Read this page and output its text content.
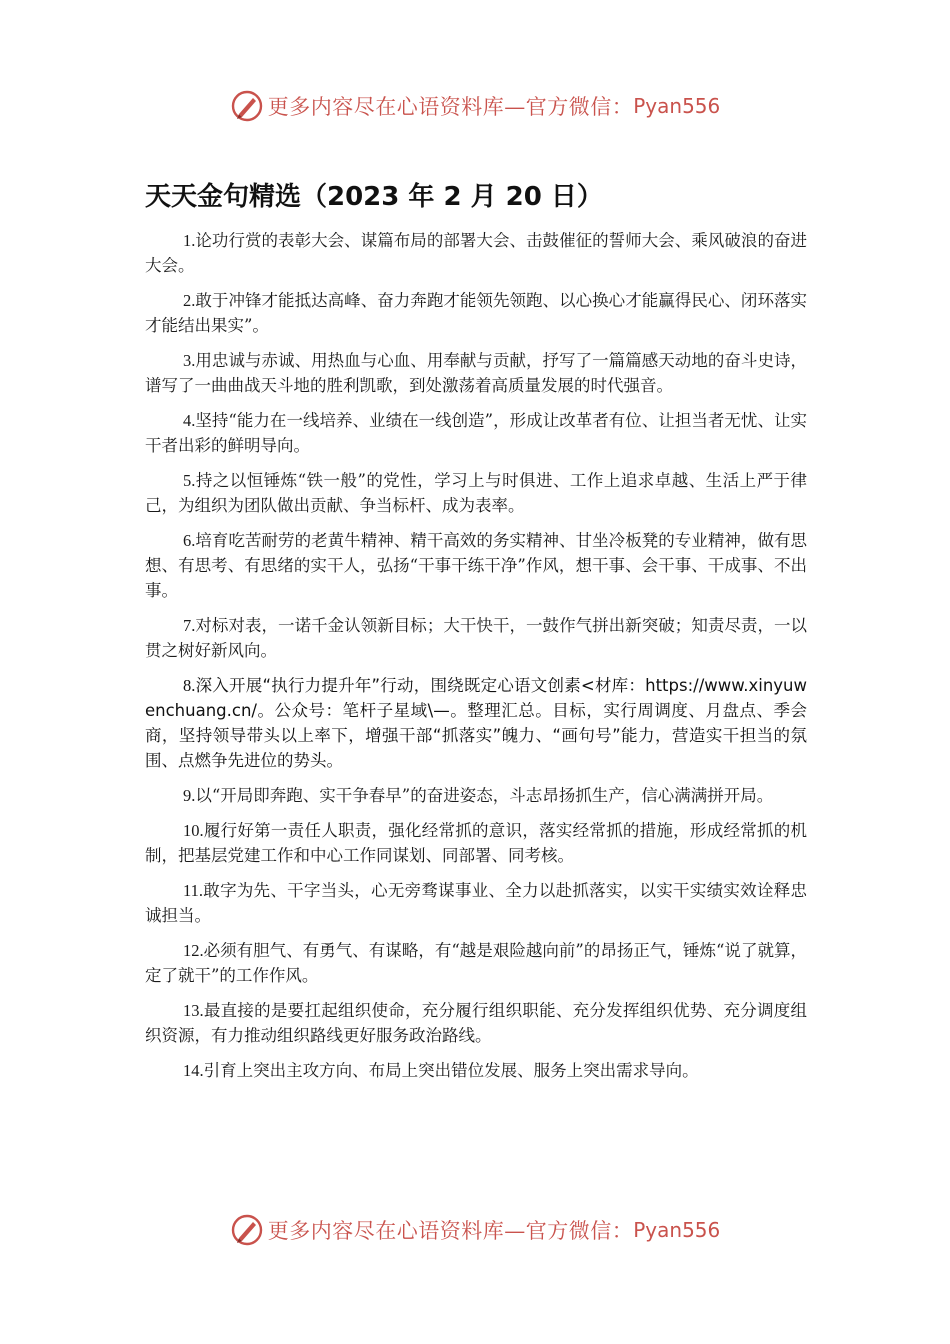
更多内容尽在心语资料库—官方微信： Pyan556
天天金句精选（2023 年 2 月 20 日）

1.论功行赏的表彰大会、谋篇布局的部署大会、击鼓催征的誓师大会、乘风破浪的奋进大会。

2.敢于冲锋才能抵达高峰、奋力奔跑才能领先领跑、以心换心才能赢得民心、闭环落实才能结出果实”。

3.用忠诚与赤诚、用热血与心血、用奉献与贡献，抒写了一篇篇感天动地的奋斗史诗，谱写了一曲曲战天斗地的胜利凯歌，到处激荡着高质量发展的时代强音。

4.坚持“能力在一线培养、业绩在一线创造”，形成让改革者有位、让担当者无忧、让实干者出彩的鲜明导向。

5.持之以恒锤炼“铁一般”的党性，学习上与时俱进、工作上追求卓越、生活上严于律己，为组织为团队做出贡献、争当标杆、成为表率。

6.培育吃苦耐劳的老黄牛精神、精干高效的务实精神、甘坐冷板凳的专业精神，做有思想、有思考、有思绪的实干人，弘扬“干事干练干净”作风，想干事、会干事、干成事、不出事。

7.对标对表，一诺千金认领新目标；大干快干，一鼓作气拼出新突破；知责尽责，一以贯之树好新风向。

8.深入开展“执行力提升年”行动，围绕既定心语文创素<材库：https://www.xinyuwenchuang.cn/。公众号：笔杆子星域\—。整理汇总。目标，实行周调度、月盘点、季会商，坚持领导带头以上率下，增强干部“抓落实”魄力、“画句号”能力，营造实干担当的氛围、点燃争先进位的势头。

9.以“开局即奔跑、实干争春早”的奋进姿态，斗志昂扬抓生产，信心满满拼开局。

10.履行好第一责任人职责，强化经常抓的意识，落实经常抓的措施，形成经常抓的机制，把基层党建工作和中心工作同谋划、同部署、同考核。

11.敢字为先、干字当头，心无旁骛谋事业、全力以赴抓落实，以实干实绩实效诠释忠诚担当。

12.必须有胆气、有勇气、有谋略，有“越是艰险越向前”的昂扬正气，锤炼“说了就算，定了就干”的工作作风。

13.最直接的是要扛起组织使命，充分履行组织职能、充分发挥组织优势、充分调度组织资源，有力推动组织路线更好服务政治路线。

14.引育上突出主攻方向、布局上突出错位发展、服务上突出需求导向。

更多内容尽在心语资料库—官方微信： Pyan556
